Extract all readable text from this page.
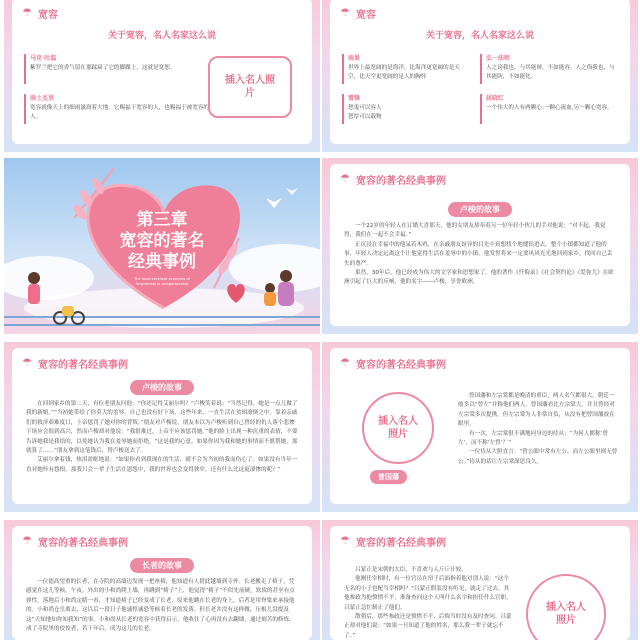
☂ 宽容
关于宽容，名人名家这么说
马克·吐温
紫罗兰把它的香气留在那踩扁了它的脚踝上，这就是宽恕。
雨士杰里
宽容就像天上的细雨滋润着大地。它赐福于宽容的人，也赐福于被宽容的人。
插入名人照片
☂ 宽容
关于宽容，名人名家这么说
雨果
世界上最宽阔的是海洋，比海洋更宽阔的是天空，比天空更宽阔的是人的胸怀
雷锋
恕鬼可以容人
恕厚可以载物
弘一法师
人之谤我也，与其能辩，不如能容。人之侮我也，与其能防，不如能化。
屈晓红
一个伟大的人有两颗心:一颗心流血,另一颗心宽容。
第三章
宽容的著名
经典事例
The most excellent examples of
forgiveness in companionship
☂ 宽容的著名经典事例
卢梭的故事

一个22岁的年轻人在订婚大喜那天，他的女朋友却奉着另一位年轻小伙儿的手对他说：“对不起，我觉得，我们在一起不会幸福。”

正沉浸在幸福中的他呆若木鸡，在亲戚朋友讶异的目光中真想找个地缝钻进去。整个小镇都知道了他的事，年轻人决定远离这个让他觉得生活在羞辱中的小镇。他发誓将来一定要风风光光地回到家乡，找回自己丢失的尊严。

果然，30年后，他已经成为伟大的文学家和思想家了。他的著作《忏悔录》《社会契约论》《爱弥儿》在欧洲引起了巨大的反响，他的名字——卢梭，享誉欧洲。

☂ 宽容的著名经典事例
卢梭的故事

在回到家乡的第二天，有位老朋友问他：“你还记得艾丽尔吗？”卢梭笑着说：“当然记得，她是一点儿做了我的新娘。”“当初她带给了你莫大的羞辱，自己也没有好下场，这些年来，一直生活在贫困潦倒之中。靠着亲戚们的救济艰难度日，上帝惩罚了她对你的背叛。”朋友对卢梭说。朋友本以为卢梭听到自己曾经的仇人落个悲惨下场应会很到高兴，然而卢梭却对他说：“我很难过，上帝不应该惩罚她。”他的脸上出现一种沉重的表情，不要告诉她我是我给的，以免她认为我在羞辱她而拒绝。“这是我的心意，如果你因为我和她的事情而不愿帮她，那就算了……”朋友拿到这笔钱后，替卢梭送去了。

艾丽尔拿着钱，热泪盈眶地说：“如果你看到我现在的生活，就不会为当初的我而伤心了。如果没有当年一直对她怀有怨恨，那我只会一辈子生活在恩怨中，我的世界也会变得狭窄，还有什么比这更凄惨的呢？”

☂ 宽容的著名经典事例
插入名人照片
曾国藩

曾国藩和左宗棠都是晚清的重臣，两人名气都很大，朝廷一般多以“曾左”并称他们两人。曾国藩看比左宗棠大，并且曾经对左宗棠多次提携。但左宗棠为人非常自负，从没有把曾国藩放在眼里。

有一次，左宗棠很不满地问身边的侍从：“为何人都称‘曾左’，而不称‘左曾’？”

一位侍从大胆直言：“曾公眼中常有左公，而左公眼里则无曾公。”侍从的话让左宗棠深思良久。

☂ 宽容的著名经典事例
长者的故事

一位德高望重的长者，在寺院的高墙边发现一把座椅，他知道有人借此越墙到寺外。长老搬走了椅子，凭感觉在这儿等候。午夜，外出的小和尚爬上墙，再跳到“椅子”上，他觉得“椅子”不似先前硬，软软的甚至有点弹性。落地后小和尚定睛一看，才知道椅子已经变成了长老，原来他跳在长老的身上，后者是用脊梁来承接他的。小和尚仓皇离去，这以后一段日子他诚惶诚恐等候着长老的发落。但长老并没有这样做，压根儿没提及这“天知地知你知我知”的事。小和尚从长老的宽容中获得启示，他收住了心再没有去翻墙，通过刻苦的修炼，成了寺院里的佼佼者，若干年后，成为这儿的长老。

☂ 宽容的著名经典事例

吕蒙正是宋朝的大臣，不喜欢与人斤斤计较。

他刚任宰相时，有一位官员在帘子后面指着他对别人说：“这个无名的小子也配当宰相吗？”吕蒙正假装没有听见，就走了过去。其他参政为他愤愤不平，准备查问这个人叫什么名字和担任什么官职，吕蒙正急忙制止了他们。

散朝后，那些参政还是愤愤不平，后悔当时没有及时查问。吕蒙正却对他们说：“如果一旦知道了他的姓名，那么我一辈子就忘不了。”

插入名人照片
